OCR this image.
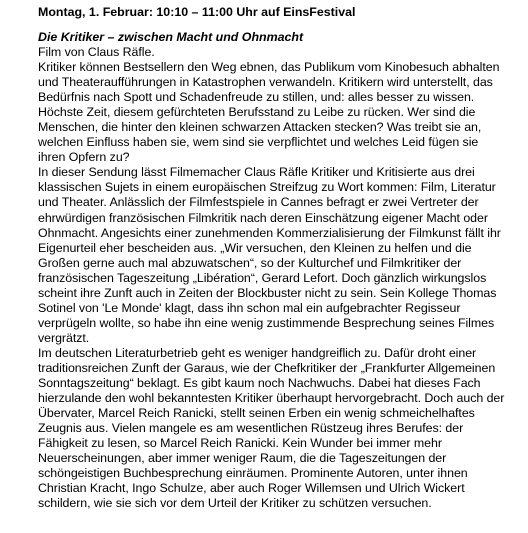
Montag, 1. Februar: 10:10 – 11:00 Uhr auf EinsFestival
Die Kritiker – zwischen Macht und Ohnmacht
Film von Claus Räfle.
Kritiker können Bestsellern den Weg ebnen, das Publikum vom Kinobesuch abhalten und Theateraufführungen in Katastrophen verwandeln. Kritikern wird unterstellt, das Bedürfnis nach Spott und Schadenfreude zu stillen, und: alles besser zu wissen. Höchste Zeit, diesem gefürchteten Berufsstand zu Leibe zu rücken. Wer sind die Menschen, die hinter den kleinen schwarzen Attacken stecken? Was treibt sie an, welchen Einfluss haben sie, wem sind sie verpflichtet und welches Leid fügen sie ihren Opfern zu?
In dieser Sendung lässt Filmemacher Claus Räfle Kritiker und Kritisierte aus drei klassischen Sujets in einem europäischen Streifzug zu Wort kommen: Film, Literatur und Theater. Anlässlich der Filmfestspiele in Cannes befragt er zwei Vertreter der ehrwürdigen französischen Filmkritik nach deren Einschätzung eigener Macht oder Ohnmacht. Angesichts einer zunehmenden Kommerzialisierung der Filmkunst fällt ihr Eigenurteil eher bescheiden aus. „Wir versuchen, den Kleinen zu helfen und die Großen gerne auch mal abzuwatschen“, so der Kulturchef und Filmkritiker der französischen Tageszeitung „Libération“, Gerard Lefort. Doch gänzlich wirkungslos scheint ihre Zunft auch in Zeiten der Blockbuster nicht zu sein. Sein Kollege Thomas Sotinel von 'Le Monde' klagt, dass ihn schon mal ein aufgebrachter Regisseur verprügeln wollte, so habe ihn eine wenig zustimmende Besprechung seines Filmes vergrätzt.
Im deutschen Literaturbetrieb geht es weniger handgreiflich zu. Dafür droht einer traditionsreichen Zunft der Garaus, wie der Chefkritiker der „Frankfurter Allgemeinen Sonntagszeitung“ beklagt. Es gibt kaum noch Nachwuchs. Dabei hat dieses Fach hierzulande den wohl bekanntesten Kritiker überhaupt hervorgebracht. Doch auch der Übervater, Marcel Reich Ranicki, stellt seinen Erben ein wenig schmeichelhaftes Zeugnis aus. Vielen mangele es am wesentlichen Rüstzeug ihres Berufes: der Fähigkeit zu lesen, so Marcel Reich Ranicki. Kein Wunder bei immer mehr Neuerscheinungen, aber immer weniger Raum, die die Tageszeitungen der schöngeistigen Buchbesprechung einräumen. Prominente Autoren, unter ihnen Christian Kracht, Ingo Schulze, aber auch Roger Willemsen und Ulrich Wickert schildern, wie sie sich vor dem Urteil der Kritiker zu schützen versuchen.
